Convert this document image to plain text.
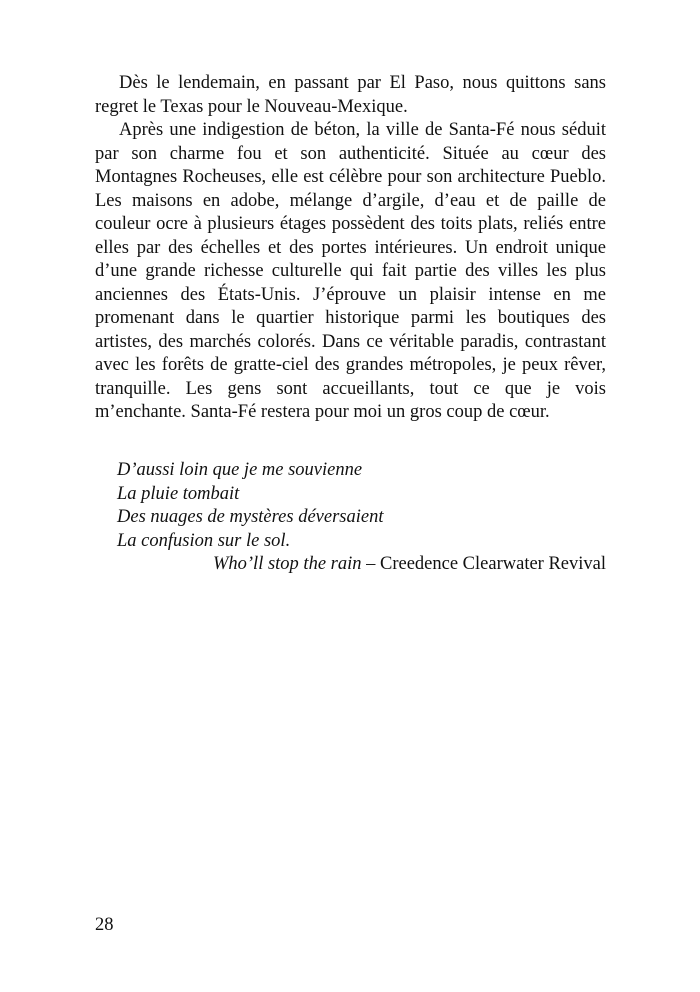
Dès le lendemain, en passant par El Paso, nous quittons sans regret le Texas pour le Nouveau-Mexique.

Après une indigestion de béton, la ville de Santa-Fé nous séduit par son charme fou et son authenticité. Située au cœur des Montagnes Rocheuses, elle est célèbre pour son architecture Pueblo. Les maisons en adobe, mélange d’argile, d’eau et de paille de couleur ocre à plusieurs étages possèdent des toits plats, reliés entre elles par des échelles et des portes intérieures. Un endroit unique d’une grande richesse culturelle qui fait partie des villes les plus anciennes des États-Unis. J’éprouve un plaisir intense en me promenant dans le quartier historique parmi les boutiques des artistes, des marchés colorés. Dans ce véritable paradis, contrastant avec les forêts de gratte-ciel des grandes métropoles, je peux rêver, tranquille. Les gens sont accueillants, tout ce que je vois m’enchante. Santa-Fé restera pour moi un gros coup de cœur.

D’aussi loin que je me souvienne

La pluie tombait

Des nuages de mystères déversaient

La confusion sur le sol.

Who’ll stop the rain – Creedence Clearwater Revival

28
